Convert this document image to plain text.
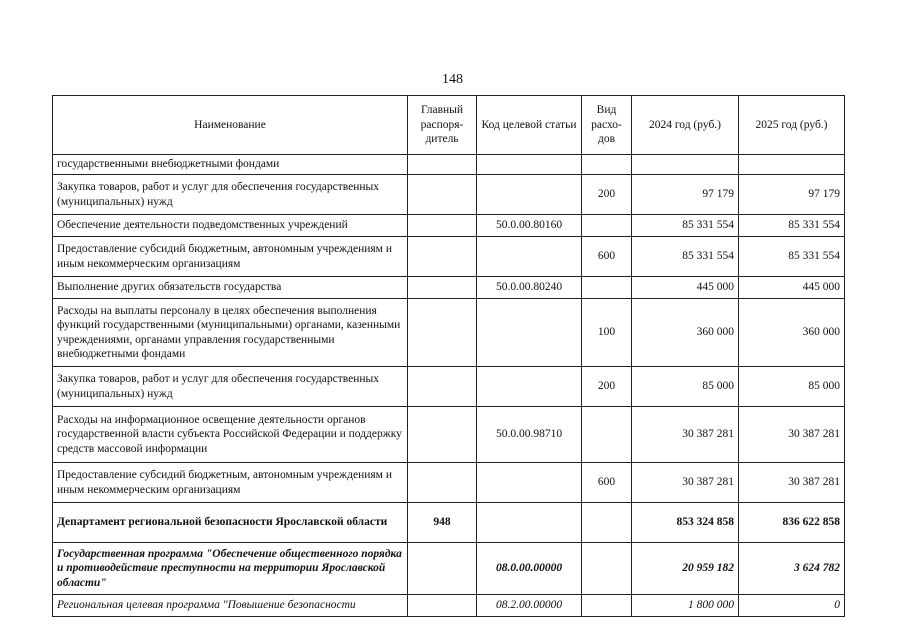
148
Наименование	Главный распоря-дитель	Код целевой статьи	Вид расхо-дов	2024 год (руб.)	2025 год (руб.)
государственными внебюджетными фондами					
Закупка товаров, работ и услуг для обеспечения государственных (муниципальных) нужд			200	97 179	97 179
Обеспечение деятельности подведомственных учреждений		50.0.00.80160		85 331 554	85 331 554
Предоставление субсидий бюджетным, автономным учреждениям и иным некоммерческим организациям			600	85 331 554	85 331 554
Выполнение других обязательств государства		50.0.00.80240		445 000	445 000
Расходы на выплаты персоналу в целях обеспечения выполнения функций государственными (муниципальными) органами, казенными учреждениями, органами управления государственными внебюджетными фондами			100	360 000	360 000
Закупка товаров, работ и услуг для обеспечения государственных (муниципальных) нужд			200	85 000	85 000
Расходы на информационное освещение деятельности органов государственной власти субъекта Российской Федерации и поддержку средств массовой информации		50.0.00.98710		30 387 281	30 387 281
Предоставление субсидий бюджетным, автономным учреждениям и иным некоммерческим организациям			600	30 387 281	30 387 281
Департамент региональной безопасности Ярославской области	948			853 324 858	836 622 858
Государственная программа "Обеспечение общественного порядка и противодействие преступности на территории Ярославской области"		08.0.00.00000		20 959 182	3 624 782
Региональная целевая программа "Повышение безопасности		08.2.00.00000		1 800 000	0
